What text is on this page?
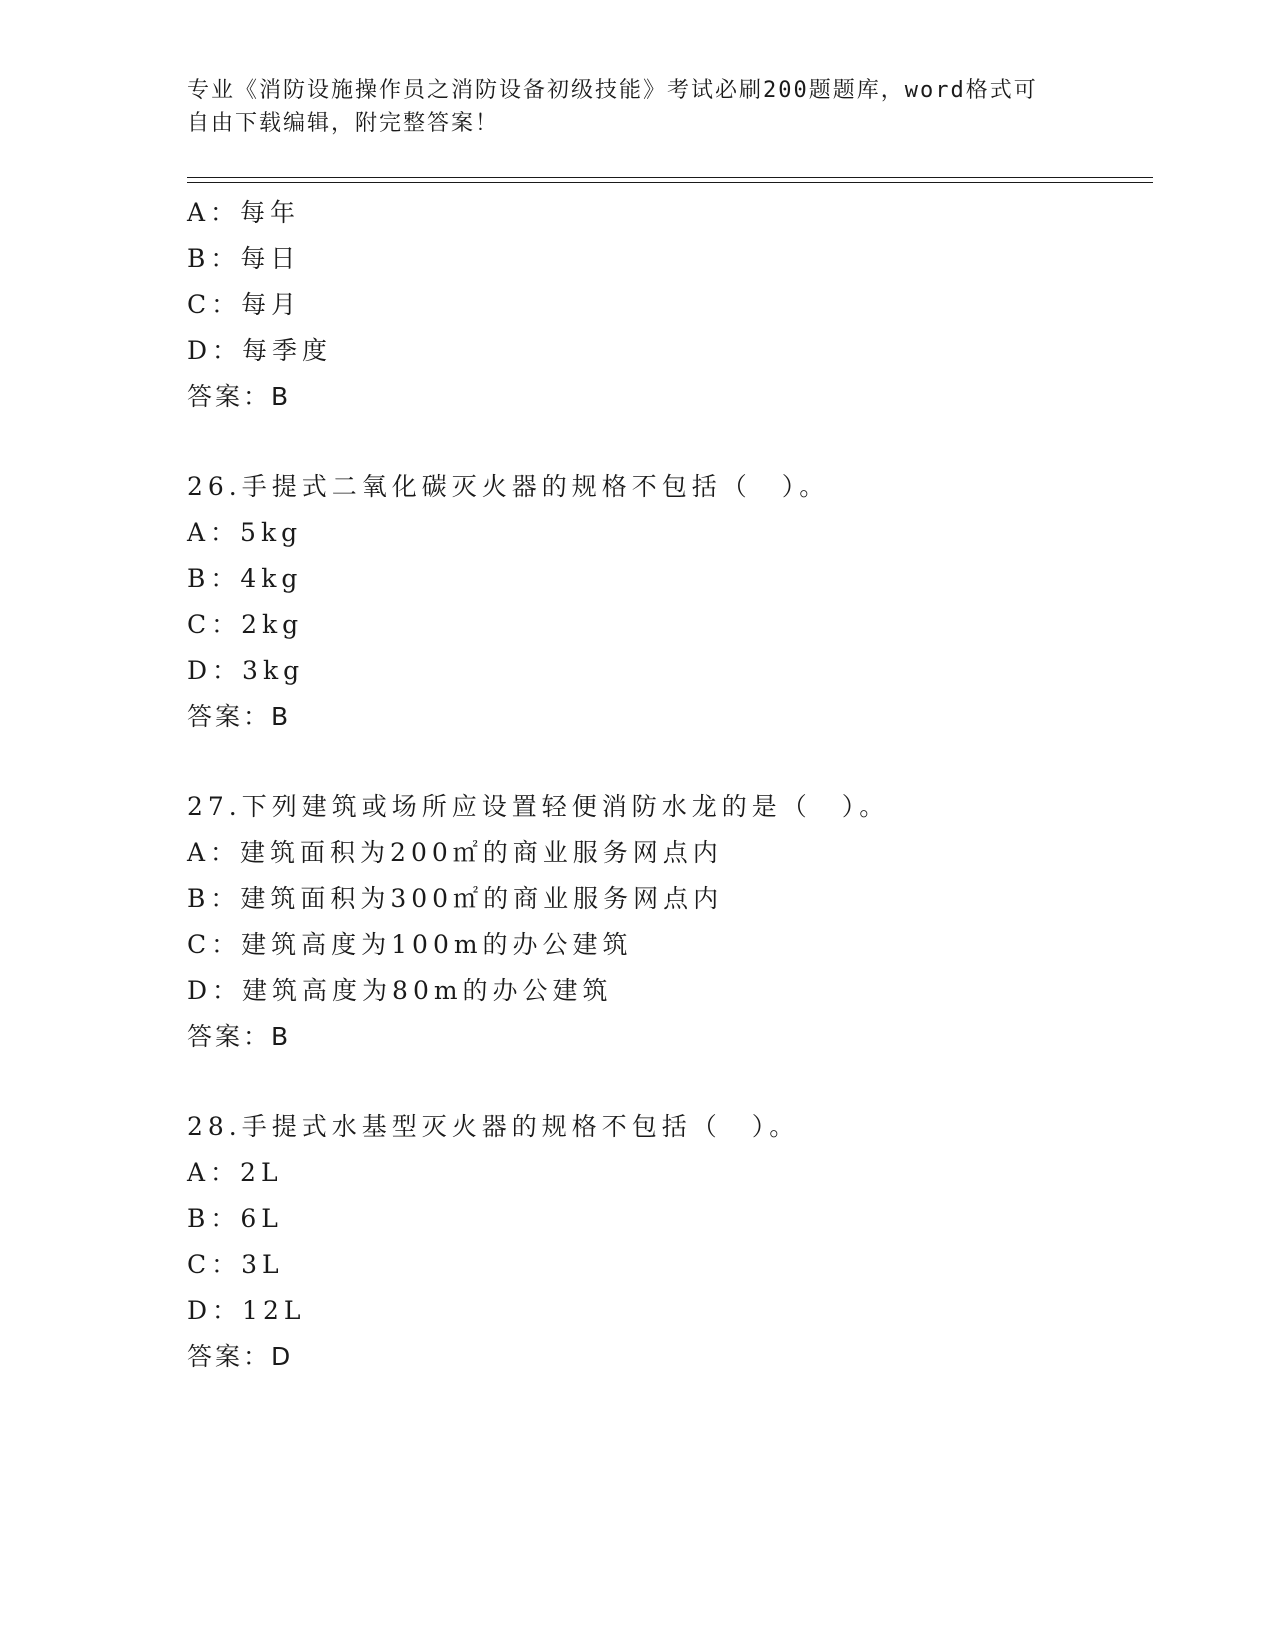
专业《消防设施操作员之消防设备初级技能》考试必刷200题题库，word格式可
自由下载编辑，附完整答案！
A：每年
B：每日
C：每月
D：每季度
答案：B
26.手提式二氧化碳灭火器的规格不包括（　）。
A：5kg
B：4kg
C：2kg
D：3kg
答案：B
27.下列建筑或场所应设置轻便消防水龙的是（　）。
A：建筑面积为200㎡的商业服务网点内
B：建筑面积为300㎡的商业服务网点内
C：建筑高度为100m的办公建筑
D：建筑高度为80m的办公建筑
答案：B
28.手提式水基型灭火器的规格不包括（　）。
A：2L
B：6L
C：3L
D：12L
答案：D
